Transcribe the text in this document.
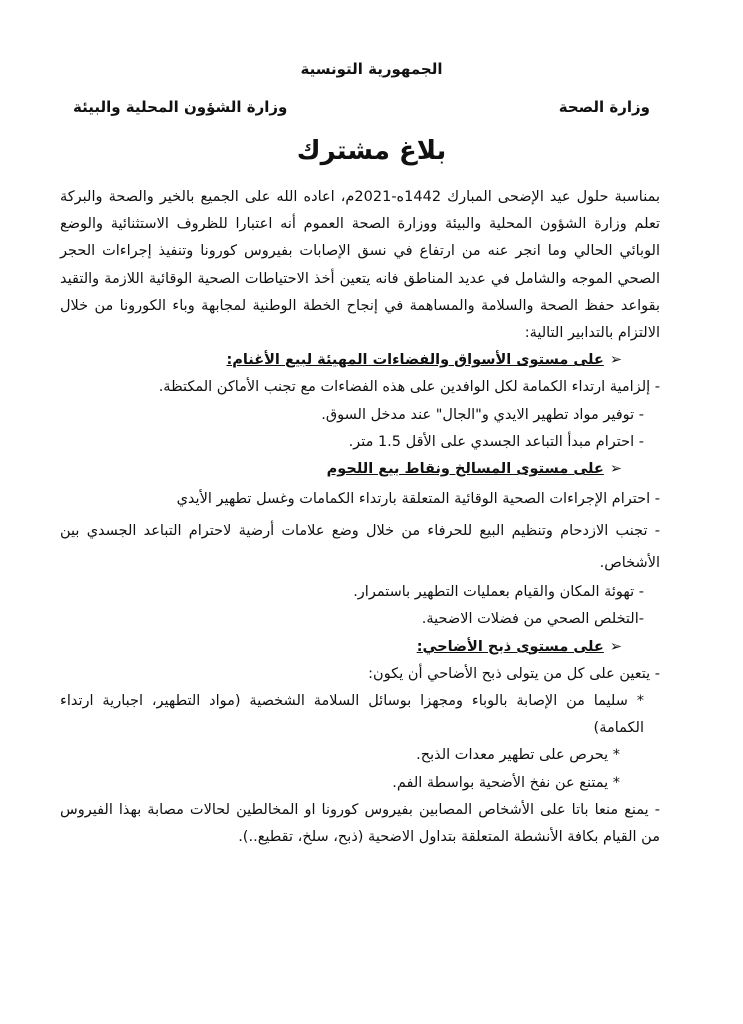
الجمهورية التونسية
وزارة الصحة
وزارة الشؤون المحلية والبيئة
بلاغ مشترك

بمناسبة حلول عيد الإضحى المبارك 1442ه-2021م، اعاده الله على الجميع بالخير والصحة والبركة تعلم وزارة الشؤون المحلية والبيئة ووزارة الصحة العموم أنه اعتبارا للظروف الاستثنائية والوضع الوبائي الحالي وما انجر عنه من ارتفاع في نسق الإصابات بفيروس كورونا وتنفيذ إجراءات الحجر الصحي الموجه والشامل في عديد المناطق فانه يتعين أخذ الاحتياطات الصحية الوقائية اللازمة والتقيد بقواعد حفظ الصحة والسلامة والمساهمة في إنجاح الخطة الوطنية لمجابهة وباء الكورونا من خلال الالتزام بالتدابير التالية:

➢على مستوى الأسواق والفضاءات المهيئة لبيع الأغنام:

- إلزامية ارتداء الكمامة لكل الوافدين على هذه الفضاءات مع تجنب الأماكن المكتظة.

- توفير مواد تطهير الايدي و"الجال" عند مدخل السوق.

- احترام مبدأ التباعد الجسدي على الأقل 1.5 متر.

➢على مستوى المسالخ ونقاط بيع اللحوم

- احترام الإجراءات الصحية الوقائية المتعلقة بارتداء الكمامات وغسل تطهير الأيدي

- تجنب الازدحام وتنظيم البيع للحرفاء من خلال وضع علامات أرضية لاحترام التباعد الجسدي بين الأشخاص.

- تهوئة المكان والقيام بعمليات التطهير باستمرار.

-التخلص الصحي من فضلات الاضحية.

➢على مستوى ذبح الأضاحي:

- يتعين على كل من يتولى ذبح الأضاحي أن يكون:

* سليما من الإصابة بالوباء ومجهزا بوسائل السلامة الشخصية (مواد التطهير، اجبارية ارتداء الكمامة)

* يحرص على تطهير معدات الذبح.

* يمتنع عن نفخ الأضحية بواسطة الفم.

- يمنع منعا باتا على الأشخاص المصابين بفيروس كورونا او المخالطين لحالات مصابة بهذا الفيروس من القيام بكافة الأنشطة المتعلقة بتداول الاضحية (ذبح، سلخ، تقطيع..).
